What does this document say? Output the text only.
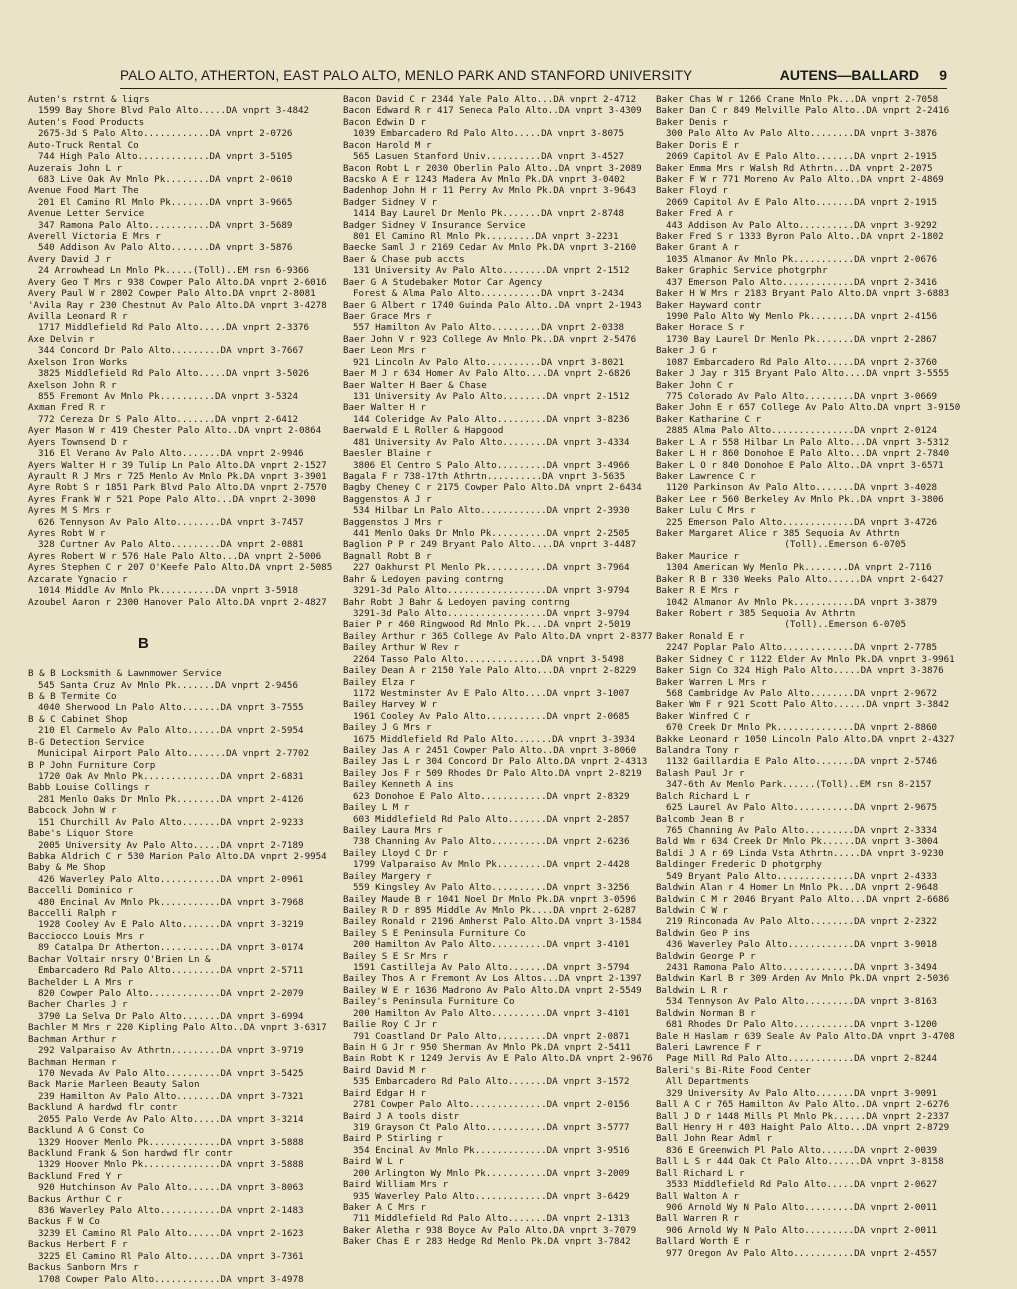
PALO ALTO, ATHERTON, EAST PALO ALTO, MENLO PARK AND STANFORD UNIVERSITY	AUTENS—BALLARD 9
Auten's rstrnt & liqrs
1599 Bay Shore Blvd Palo Alto.....DA vnprt 3-4842
Auten's Food Products
2675-3d S Palo Alto............DA vnprt 2-0726
Auto-Truck Rental Co
744 High Palo Alto.............DA vnprt 3-5105
Auzerais John L r
683 Live Oak Av Mnlo Pk........DA vnprt 2-0610
Avenue Food Mart The
201 El Camino Rl Mnlo Pk.......DA vnprt 3-9665
Avenue Letter Service
347 Ramona Palo Alto...........DA vnprt 3-5689
Averell Victoria E Mrs r
540 Addison Av Palo Alto.......DA vnprt 3-5876
Avery David J r
24 Arrowhead Ln Mnlo Pk.....(Toll)..EM rsn 6-9366
Avery Geo T Mrs r 938 Cowper Palo Alto.DA vnprt 2-6016
Avery Paul W r 2802 Cowper Palo Alto.DA vnprt 2-8081
'Avila Ray r 230 Chestnut Av Palo Alto.DA vnprt 3-4278
Avilla Leonard R r
1717 Middlefield Rd Palo Alto.....DA vnprt 2-3376
Axe Delvin r
344 Concord Dr Palo Alto.........DA vnprt 3-7667
Axelson Iron Works
3825 Middlefield Rd Palo Alto.....DA vnprt 3-5026
Axelson John R r
855 Fremont Av Mnlo Pk..........DA vnprt 3-5324
Axman Fred R r
772 Cereza Dr S Palo Alto.......DA vnprt 2-6412
Ayer Mason W r 419 Chester Palo Alto..DA vnprt 2-0864
Ayers Townsend D r
316 El Verano Av Palo Alto.......DA vnprt 2-9946
Ayers Walter H r 39 Tulip Ln Palo Alto.DA vnprt 2-1527
Ayrault R J Mrs r 725 Menlo Av Mnlo Pk.DA vnprt 3-3901
Ayre Robt S r 1851 Park Blvd Palo Alto.DA vnprt 2-7570
Ayres Frank W r 521 Pope Palo Alto...DA vnprt 2-3090
Ayres M S Mrs r
626 Tennyson Av Palo Alto........DA vnprt 3-7457
Ayres Robt W r
328 Curtner Av Palo Alto.........DA vnprt 2-0881
Ayres Robert W r 576 Hale Palo Alto...DA vnprt 2-5006
Ayres Stephen C r 207 O'Keefe Palo Alto.DA vnprt 2-5085
Azcarate Ygnacio r
1014 Middle Av Mnlo Pk..........DA vnprt 3-5918
Azoubel Aaron r 2300 Hanover Palo Alto.DA vnprt 2-4827
B
B & B Locksmith & Lawnmower Service
545 Santa Cruz Av Mnlo Pk.......DA vnprt 2-9456
B & B Termite Co
4040 Sherwood Ln Palo Alto.......DA vnprt 3-7555
B & C Cabinet Shop
210 El Carmelo Av Palo Alto......DA vnprt 2-5954
B-G Detection Service
Municipal Airport Palo Alto.......DA vnprt 2-7702
B P John Furniture Corp
1720 Oak Av Mnlo Pk..............DA vnprt 2-6831
Babb Louise Collings r
281 Menlo Oaks Dr Mnlo Pk........DA vnprt 2-4126
Babcock John W r
151 Churchill Av Palo Alto.......DA vnprt 2-9233
Babe's Liquor Store
2005 University Av Palo Alto.....DA vnprt 2-7189
Babka Aldrich C r 530 Marion Palo Alto.DA vnprt 2-9954
Baby & Me Shop
426 Waverley Palo Alto...........DA vnprt 2-0961
Baccelli Dominico r
480 Encinal Av Mnlo Pk...........DA vnprt 3-7968
Baccelli Ralph r
1928 Cooley Av E Palo Alto.......DA vnprt 3-3219
Bacciocco Louis Mrs r
89 Catalpa Dr Atherton...........DA vnprt 3-0174
Bachar Voltair nrsry O'Brien Ln &
Embarcadero Rd Palo Alto.........DA vnprt 2-5711
Bachelder L A Mrs r
820 Cowper Palo Alto.............DA vnprt 2-2079
Bacher Charles J r
3790 La Selva Dr Palo Alto.......DA vnprt 3-6994
Bachler M Mrs r 220 Kipling Palo Alto..DA vnprt 3-6317
Bachman Arthur r
292 Valparaiso Av Athrtn.........DA vnprt 3-9719
Bachman Herman r
170 Nevada Av Palo Alto..........DA vnprt 3-5425
Back Marie Marleen Beauty Salon
239 Hamilton Av Palo Alto........DA vnprt 3-7321
Backlund A hardwd flr contr
2055 Palo Verde Av Palo Alto.....DA vnprt 3-3214
Backlund A G Const Co
1329 Hoover Menlo Pk.............DA vnprt 3-5888
Backlund Frank & Son hardwd flr contr
1329 Hoover Mnlo Pk..............DA vnprt 3-5888
Backlund Fred Y r
920 Hutchinson Av Palo Alto......DA vnprt 3-8063
Backus Arthur C r
836 Waverley Palo Alto...........DA vnprt 2-1483
Backus F W Co
3239 El Camino Rl Palo Alto......DA vnprt 2-1623
Backus Herbert F r
3225 El Camino Rl Palo Alto......DA vnprt 3-7361
Backus Sanborn Mrs r
1708 Cowper Palo Alto............DA vnprt 3-4978
Bacon David C r 2344 Yale Palo Alto...DA vnprt 2-4712
Bacon Edward R r 417 Seneca Palo Alto..DA vnprt 3-4309
Bacon Edwin D r
1039 Embarcadero Rd Palo Alto.....DA vnprt 3-8075
Bacon Harold M r
565 Lasuen Stanford Univ..........DA vnprt 3-4527
Bacon Robt L r 2030 Oberlin Palo Alto..DA vnprt 3-2089
Bacsko A E r 1243 Madera Av Mnlo Pk.DA vnprt 3-0402
Badenhop John H r 11 Perry Av Mnlo Pk.DA vnprt 3-9643
Badger Sidney V r
1414 Bay Laurel Dr Menlo Pk.......DA vnprt 2-8748
Badger Sidney V Insurance Service
801 El Camino Rl Mnlo Pk.........DA vnprt 3-2231
Baecke Saml J r 2169 Cedar Av Mnlo Pk.DA vnprt 3-2160
Baer & Chase pub accts
131 University Av Palo Alto........DA vnprt 2-1512
Baer G A Studebaker Motor Car Agency
Forest & Alma Palo Alto...........DA vnprt 3-2434
Baer G Albert r 1740 Guinda Palo Alto..DA vnprt 2-1943
Baer Grace Mrs r
557 Hamilton Av Palo Alto.........DA vnprt 2-0338
Baer John V r 923 College Av Mnlo Pk..DA vnprt 2-5476
Baer Leon Mrs r
921 Lincoln Av Palo Alto..........DA vnprt 3-8021
Baer M J r 634 Homer Av Palo Alto....DA vnprt 2-6826
Baer Walter H Baer & Chase
131 University Av Palo Alto........DA vnprt 2-1512
Baer Walter H r
144 Coleridge Av Palo Alto.........DA vnprt 3-8236
Baerwald E L Roller & Hapgood
481 University Av Palo Alto........DA vnprt 3-4334
Baesler Blaine r
3806 El Centro S Palo Alto.........DA vnprt 3-4966
Bagala F r 738-17th Athrtn..........DA vnprt 3-5635
Bagby Cheney C r 2175 Cowper Palo Alto.DA vnprt 2-6434
Baggenstos A J r
534 Hilbar Ln Palo Alto............DA vnprt 2-3930
Baggenstos J Mrs r
441 Menlo Oaks Dr Mnlo Pk..........DA vnprt 2-2505
Baglion P P r 249 Bryant Palo Alto....DA vnprt 3-4487
Bagnall Robt B r
227 Oakhurst Pl Menlo Pk...........DA vnprt 3-7964
Bahr & Ledoyen paving contrng
3291-3d Palo Alto..................DA vnprt 3-9794
Bahr Robt J Bahr & Ledoyen paving contrng
3291-3d Palo Alto..................DA vnprt 3-9794
Baier P r 460 Ringwood Rd Mnlo Pk....DA vnprt 2-5019
Bailey Arthur r 365 College Av Palo Alto.DA vnprt 2-8377
Bailey Arthur W Rev r
2264 Tasso Palo Alto..............DA vnprt 3-5498
Bailey Dean A r 2150 Yale Palo Alto...DA vnprt 2-8229
Bailey Elza r
1172 Westminster Av E Palo Alto....DA vnprt 3-1007
Bailey Harvey W r
1961 Cooley Av Palo Alto...........DA vnprt 2-0685
Bailey J G Mrs r
1675 Middlefield Rd Palo Alto.......DA vnprt 3-3934
Bailey Jas A r 2451 Cowper Palo Alto..DA vnprt 3-8060
Bailey Jas L r 304 Concord Dr Palo Alto.DA vnprt 2-4313
Bailey Jos F r 509 Rhodes Dr Palo Alto.DA vnprt 2-8219
Bailey Kenneth A ins
623 Donohoe E Palo Alto............DA vnprt 2-8329
Bailey L M r
603 Middlefield Rd Palo Alto.......DA vnprt 2-2857
Bailey Laura Mrs r
738 Channing Av Palo Alto..........DA vnprt 2-6236
Bailey Lloyd C Dr r
1799 Valparaiso Av Mnlo Pk.........DA vnprt 2-4428
Bailey Margery r
559 Kingsley Av Palo Alto..........DA vnprt 3-3256
Bailey Maude B r 1041 Noel Dr Mnlo Pk.DA vnprt 3-0596
Bailey R D r 895 Middle Av Mnlo Pk....DA vnprt 2-6287
Bailey Ronald r 2196 Amherst Palo Alto.DA vnprt 3-1584
Bailey S E Peninsula Furniture Co
200 Hamilton Av Palo Alto..........DA vnprt 3-4101
Bailey S E Sr Mrs r
1591 Castilleja Av Palo Alto.......DA vnprt 3-5794
Bailey Thos A r Fremont Av Los Altos...DA vnprt 2-1397
Bailey W E r 1636 Madrono Av Palo Alto.DA vnprt 2-5549
Bailey's Peninsula Furniture Co
200 Hamilton Av Palo Alto..........DA vnprt 3-4101
Bailie Roy C Jr r
791 Coastland Dr Palo Alto.........DA vnprt 2-0871
Bain H G Jr r 950 Sherman Av Mnlo Pk.DA vnprt 2-5411
Bain Robt K r 1249 Jervis Av E Palo Alto.DA vnprt 2-9676
Baird David M r
535 Embarcadero Rd Palo Alto.......DA vnprt 3-1572
Baird Edgar H r
2781 Cowper Palo Alto..............DA vnprt 2-0156
Baird J A tools distr
319 Grayson Ct Palo Alto...........DA vnprt 3-5777
Baird P Stirling r
354 Encinal Av Mnlo Pk.............DA vnprt 3-9516
Baird W L r
200 Arlington Wy Mnlo Pk...........DA vnprt 3-2009
Baird William Mrs r
935 Waverley Palo Alto.............DA vnprt 3-6429
Baker A C Mrs r
711 Middlefield Rd Palo Alto.......DA vnprt 2-1313
Baker Aletha r 938 Boyce Av Palo Alto.DA vnprt 3-7079
Baker Chas E r 283 Hedge Rd Menlo Pk.DA vnprt 3-7842
Baker Chas W r 1266 Crane Mnlo Pk...DA vnprt 2-7058
Baker Dan C r 849 Melville Palo Alto..DA vnprt 2-2416
Baker Denis r
300 Palo Alto Av Palo Alto........DA vnprt 3-3876
Baker Doris E r
2069 Capitol Av E Palo Alto.......DA vnprt 2-1915
Baker Emma Mrs r Walsh Rd Athrtn...DA vnprt 2-2075
Baker F W r 771 Moreno Av Palo Alto..DA vnprt 2-4869
Baker Floyd r
2069 Capitol Av E Palo Alto.......DA vnprt 2-1915
Baker Fred A r
443 Addison Av Palo Alto..........DA vnprt 3-9292
Baker Fred S r 1333 Byron Palo Alto..DA vnprt 2-1802
Baker Grant A r
1035 Almanor Av Mnlo Pk...........DA vnprt 2-0676
Baker Graphic Service photgrphr
437 Emerson Palo Alto.............DA vnprt 2-3416
Baker H W Mrs r 2183 Bryant Palo Alto.DA vnprt 3-6883
Baker Hayward contr
1990 Palo Alto Wy Menlo Pk........DA vnprt 2-4156
Baker Horace S r
1730 Bay Laurel Dr Menlo Pk.......DA vnprt 2-2867
Baker J G r
1087 Embarcadero Rd Palo Alto.....DA vnprt 2-3760
Baker J Jay r 315 Bryant Palo Alto....DA vnprt 3-5555
Baker John C r
775 Colorado Av Palo Alto.........DA vnprt 3-0669
Baker John E r 657 College Av Palo Alto.DA vnprt 3-9150
Baker Katharine C r
2885 Alma Palo Alto...............DA vnprt 2-0124
Baker L A r 558 Hilbar Ln Palo Alto...DA vnprt 3-5312
Baker L H r 860 Donohoe E Palo Alto...DA vnprt 2-7840
Baker L O r 840 Donohoe E Palo Alto..DA vnprt 3-6571
Baker Lawrence C r
1120 Parkinson Av Palo Alto.......DA vnprt 3-4028
Baker Lee r 560 Berkeley Av Mnlo Pk..DA vnprt 3-3806
Baker Lulu C Mrs r
225 Emerson Palo Alto.............DA vnprt 3-4726
Baker Margaret Alice r 385 Sequoia Av Athrtn
(Toll)..Emerson 6-0705
Baker Maurice r
1304 American Wy Menlo Pk........DA vnprt 2-7116
Baker R B r 330 Weeks Palo Alto......DA vnprt 2-6427
Baker R E Mrs r
1042 Almanor Av Mnlo Pk...........DA vnprt 3-3879
Baker Robert r 385 Sequoia Av Athrtn
(Toll)..Emerson 6-0705
Baker Ronald E r
2247 Poplar Palo Alto.............DA vnprt 2-7785
Baker Sidney C r 1122 Elder Av Mnlo Pk.DA vnprt 3-9961
Baker Sign Co 324 High Palo Alto.....DA vnprt 3-3876
Baker Warren L Mrs r
568 Cambridge Av Palo Alto........DA vnprt 2-9672
Baker Wm F r 921 Scott Palo Alto......DA vnprt 3-3842
Baker Winfred C r
670 Creek Dr Mnlo Pk..............DA vnprt 2-8860
Bakke Leonard r 1050 Lincoln Palo Alto.DA vnprt 2-4327
Balandra Tony r
1132 Gaillardia E Palo Alto.......DA vnprt 2-5746
Balash Paul Jr r
347-6th Av Menlo Park......(Toll)..EM rsn 8-2157
Balch Richard L r
625 Laurel Av Palo Alto...........DA vnprt 2-9675
Balcomb Jean B r
765 Channing Av Palo Alto.........DA vnprt 2-3334
Bald Wm r 634 Creek Dr Mnlo Pk......DA vnprt 3-3004
Baldi J A r 69 Linda Vsta Athrtn.....DA vnprt 3-9230
Baldinger Frederic D photgrphy
549 Bryant Palo Alto..............DA vnprt 2-4333
Baldwin Alan r 4 Homer Ln Mnlo Pk...DA vnprt 2-9648
Baldwin C M r 2046 Bryant Palo Alto...DA vnprt 2-6686
Baldwin C W r
219 Rinconada Av Palo Alto........DA vnprt 2-2322
Baldwin Geo P ins
436 Waverley Palo Alto............DA vnprt 3-9018
Baldwin George P r
2431 Ramona Palo Alto.............DA vnprt 3-3494
Baldwin Karl B r 309 Arden Av Mnlo Pk.DA vnprt 2-5036
Baldwin L R r
534 Tennyson Av Palo Alto.........DA vnprt 3-8163
Baldwin Norman B r
681 Rhodes Dr Palo Alto...........DA vnprt 3-1200
Bale H Haslam r 639 Seale Av Palo Alto.DA vnprt 3-4708
Baleri Lawrence F r
Page Mill Rd Palo Alto............DA vnprt 2-8244
Baleri's Bi-Rite Food Center
All Departments
329 University Av Palo Alto.......DA vnprt 3-9091
Ball A C r 765 Hamilton Av Palo Alto..DA vnprt 2-6276
Ball J D r 1448 Mills Pl Mnlo Pk......DA vnprt 2-2337
Ball Henry H r 403 Haight Palo Alto...DA vnprt 2-8729
Ball John Rear Adml r
836 E Greenwich Pl Palo Alto......DA vnprt 2-0039
Ball L S r 444 Oak Ct Palo Alto......DA vnprt 3-8158
Ball Richard L r
3533 Middlefield Rd Palo Alto.....DA vnprt 2-0627
Ball Walton A r
906 Arnold Wy N Palo Alto.........DA vnprt 2-0011
Ball Warren R r
906 Arnold Wy N Palo Alto.........DA vnprt 2-0011
Ballard Worth E r
977 Oregon Av Palo Alto...........DA vnprt 2-4557
